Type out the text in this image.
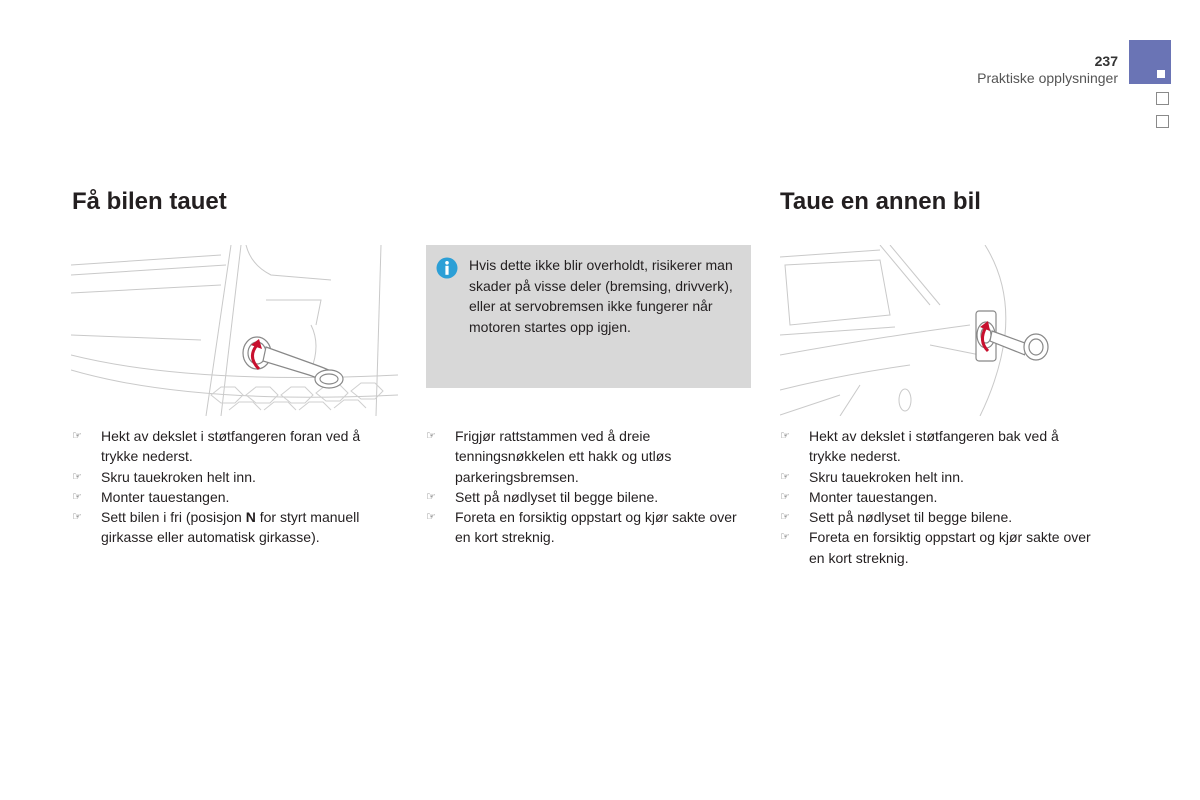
237
Praktiske opplysninger
Få bilen tauet
☞ Hekt av dekslet i støtfangeren foran ved å trykke nederst.
☞ Skru tauekroken helt inn.
☞ Monter tauestangen.
☞ Sett bilen i fri (posisjon N for styrt manuell girkasse eller automatisk girkasse).
Hvis dette ikke blir overholdt, risikerer man skader på visse deler (bremsing, drivverk), eller at servobremsen ikke fungerer når motoren startes opp igjen.
☞ Frigjør rattstammen ved å dreie tenningsnøkkelen ett hakk og utløs parkeringsbremsen.
☞ Sett på nødlyset til begge bilene.
☞ Foreta en forsiktig oppstart og kjør sakte over en kort streknig.
Taue en annen bil
☞ Hekt av dekslet i støtfangeren bak ved å trykke nederst.
☞ Skru tauekroken helt inn.
☞ Monter tauestangen.
☞ Sett på nødlyset til begge bilene.
☞ Foreta en forsiktig oppstart og kjør sakte over en kort streknig.
